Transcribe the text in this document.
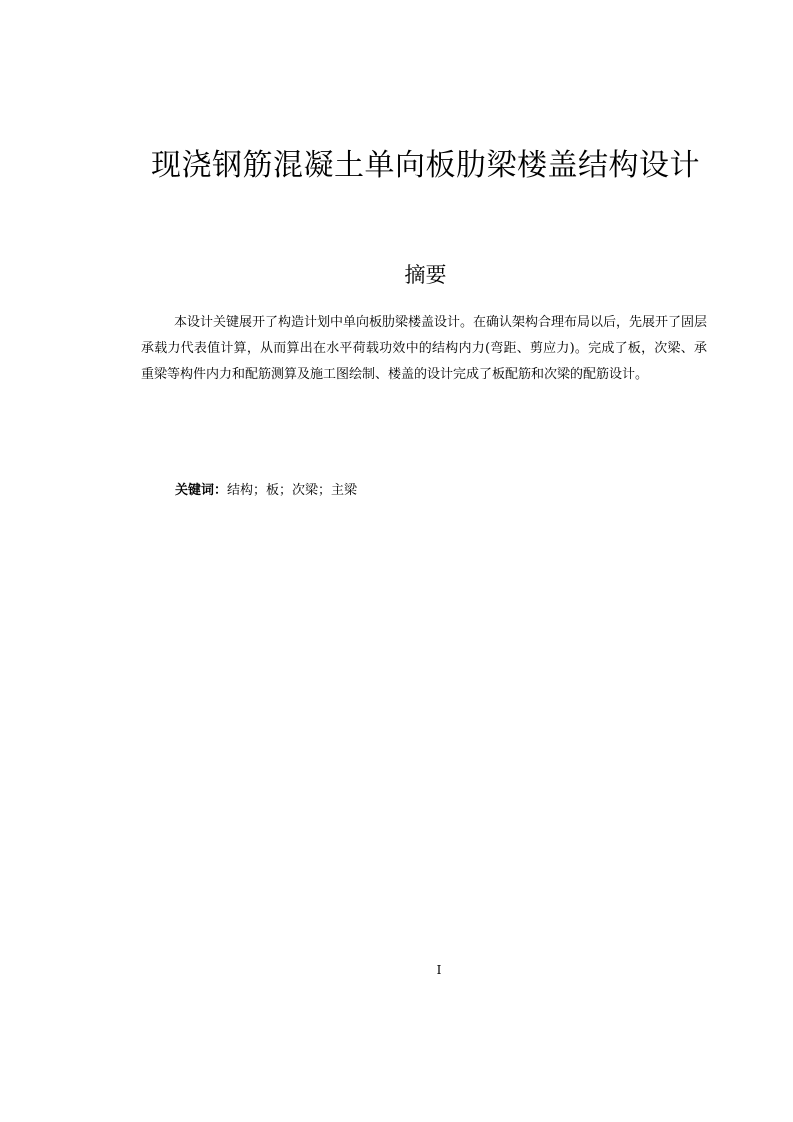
现浇钢筋混凝土单向板肋梁楼盖结构设计
摘要

本设计关键展开了构造计划中单向板肋梁楼盖设计。在确认架构合理布局以后，先展开了固层承载力代表值计算，从而算出在水平荷载功效中的结构内力(弯距、剪应力)。完成了板，次梁、承重梁等构件内力和配筋测算及施工图绘制、楼盖的设计完成了板配筋和次梁的配筋设计。

关键词：结构；板；次梁；主梁
I
